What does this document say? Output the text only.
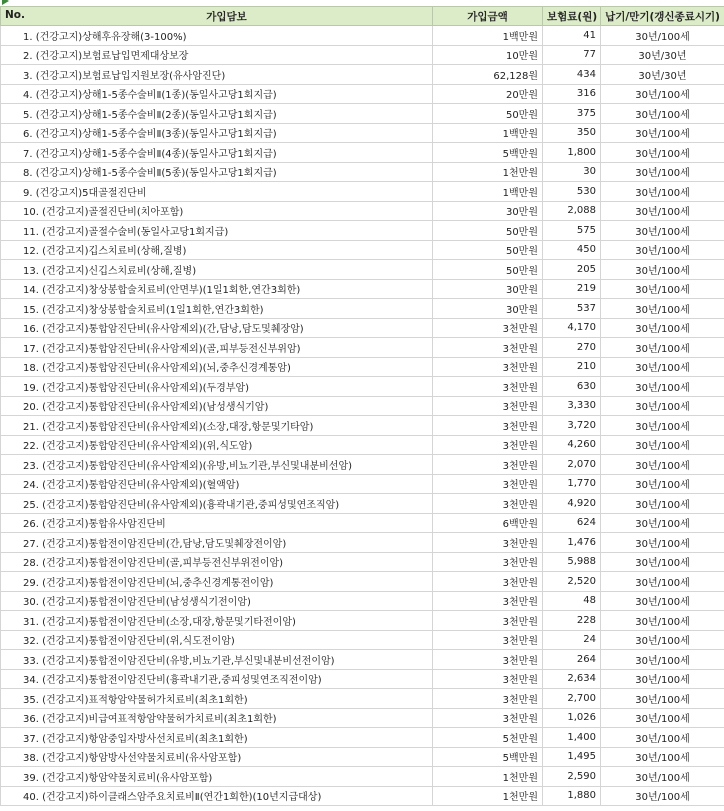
No. 가입담보	가입금액	보험료(원)	납기/만기(갱신종료시기)
1. (건강고지)상해후유장해(3-100%)	1백만원	41	30년/100세
2. (건강고지)보험료납입면제대상보장	10만원	77	30년/30년
3. (건강고지)보험료납입지원보장(유사암진단)	62,128원	434	30년/30년
4. (건강고지)상해1-5종수술비Ⅱ(1종)(동일사고당1회지급)	20만원	316	30년/100세
5. (건강고지)상해1-5종수술비Ⅱ(2종)(동일사고당1회지급)	50만원	375	30년/100세
6. (건강고지)상해1-5종수술비Ⅱ(3종)(동일사고당1회지급)	1백만원	350	30년/100세
7. (건강고지)상해1-5종수술비Ⅱ(4종)(동일사고당1회지급)	5백만원	1,800	30년/100세
8. (건강고지)상해1-5종수술비Ⅱ(5종)(동일사고당1회지급)	1천만원	30	30년/100세
9. (건강고지)5대골절진단비	1백만원	530	30년/100세
10. (건강고지)골절진단비(치아포함)	30만원	2,088	30년/100세
11. (건강고지)골절수술비(동일사고당1회지급)	50만원	575	30년/100세
12. (건강고지)깁스치료비(상해,질병)	50만원	450	30년/100세
13. (건강고지)신깁스치료비(상해,질병)	50만원	205	30년/100세
14. (건강고지)창상봉합술치료비(안면부)(1일1회한,연간3회한)	30만원	219	30년/100세
15. (건강고지)창상봉합술치료비(1일1회한,연간3회한)	30만원	537	30년/100세
16. (건강고지)통합암진단비(유사암제외)(간,담낭,담도및췌장암)	3천만원	4,170	30년/100세
17. (건강고지)통합암진단비(유사암제외)(골,피부등전신부위암)	3천만원	270	30년/100세
18. (건강고지)통합암진단비(유사암제외)(뇌,중추신경계통암)	3천만원	210	30년/100세
19. (건강고지)통합암진단비(유사암제외)(두경부암)	3천만원	630	30년/100세
20. (건강고지)통합암진단비(유사암제외)(남성생식기암)	3천만원	3,330	30년/100세
21. (건강고지)통합암진단비(유사암제외)(소장,대장,항문및기타암)	3천만원	3,720	30년/100세
22. (건강고지)통합암진단비(유사암제외)(위,식도암)	3천만원	4,260	30년/100세
23. (건강고지)통합암진단비(유사암제외)(유방,비뇨기관,부신및내분비선암)	3천만원	2,070	30년/100세
24. (건강고지)통합암진단비(유사암제외)(혈액암)	3천만원	1,770	30년/100세
25. (건강고지)통합암진단비(유사암제외)(흉곽내기관,중피성및연조직암)	3천만원	4,920	30년/100세
26. (건강고지)통합유사암진단비	6백만원	624	30년/100세
27. (건강고지)통합전이암진단비(간,담낭,담도및췌장전이암)	3천만원	1,476	30년/100세
28. (건강고지)통합전이암진단비(골,피부등전신부위전이암)	3천만원	5,988	30년/100세
29. (건강고지)통합전이암진단비(뇌,중추신경계통전이암)	3천만원	2,520	30년/100세
30. (건강고지)통합전이암진단비(남성생식기전이암)	3천만원	48	30년/100세
31. (건강고지)통합전이암진단비(소장,대장,항문및기타전이암)	3천만원	228	30년/100세
32. (건강고지)통합전이암진단비(위,식도전이암)	3천만원	24	30년/100세
33. (건강고지)통합전이암진단비(유방,비뇨기관,부신및내분비선전이암)	3천만원	264	30년/100세
34. (건강고지)통합전이암진단비(흉곽내기관,중피성및연조직전이암)	3천만원	2,634	30년/100세
35. (건강고지)표적항암약물허가치료비(최초1회한)	3천만원	2,700	30년/100세
36. (건강고지)비급여표적항암약물허가치료비(최초1회한)	3천만원	1,026	30년/100세
37. (건강고지)항암중입자방사선치료비(최초1회한)	5천만원	1,400	30년/100세
38. (건강고지)항암방사선약물치료비(유사암포함)	5백만원	1,495	30년/100세
39. (건강고지)항암약물치료비(유사암포함)	1천만원	2,590	30년/100세
40. (건강고지)하이클래스암주요치료비Ⅱ(연간1회한)(10년지급대상)	1천만원	1,880	30년/100세
